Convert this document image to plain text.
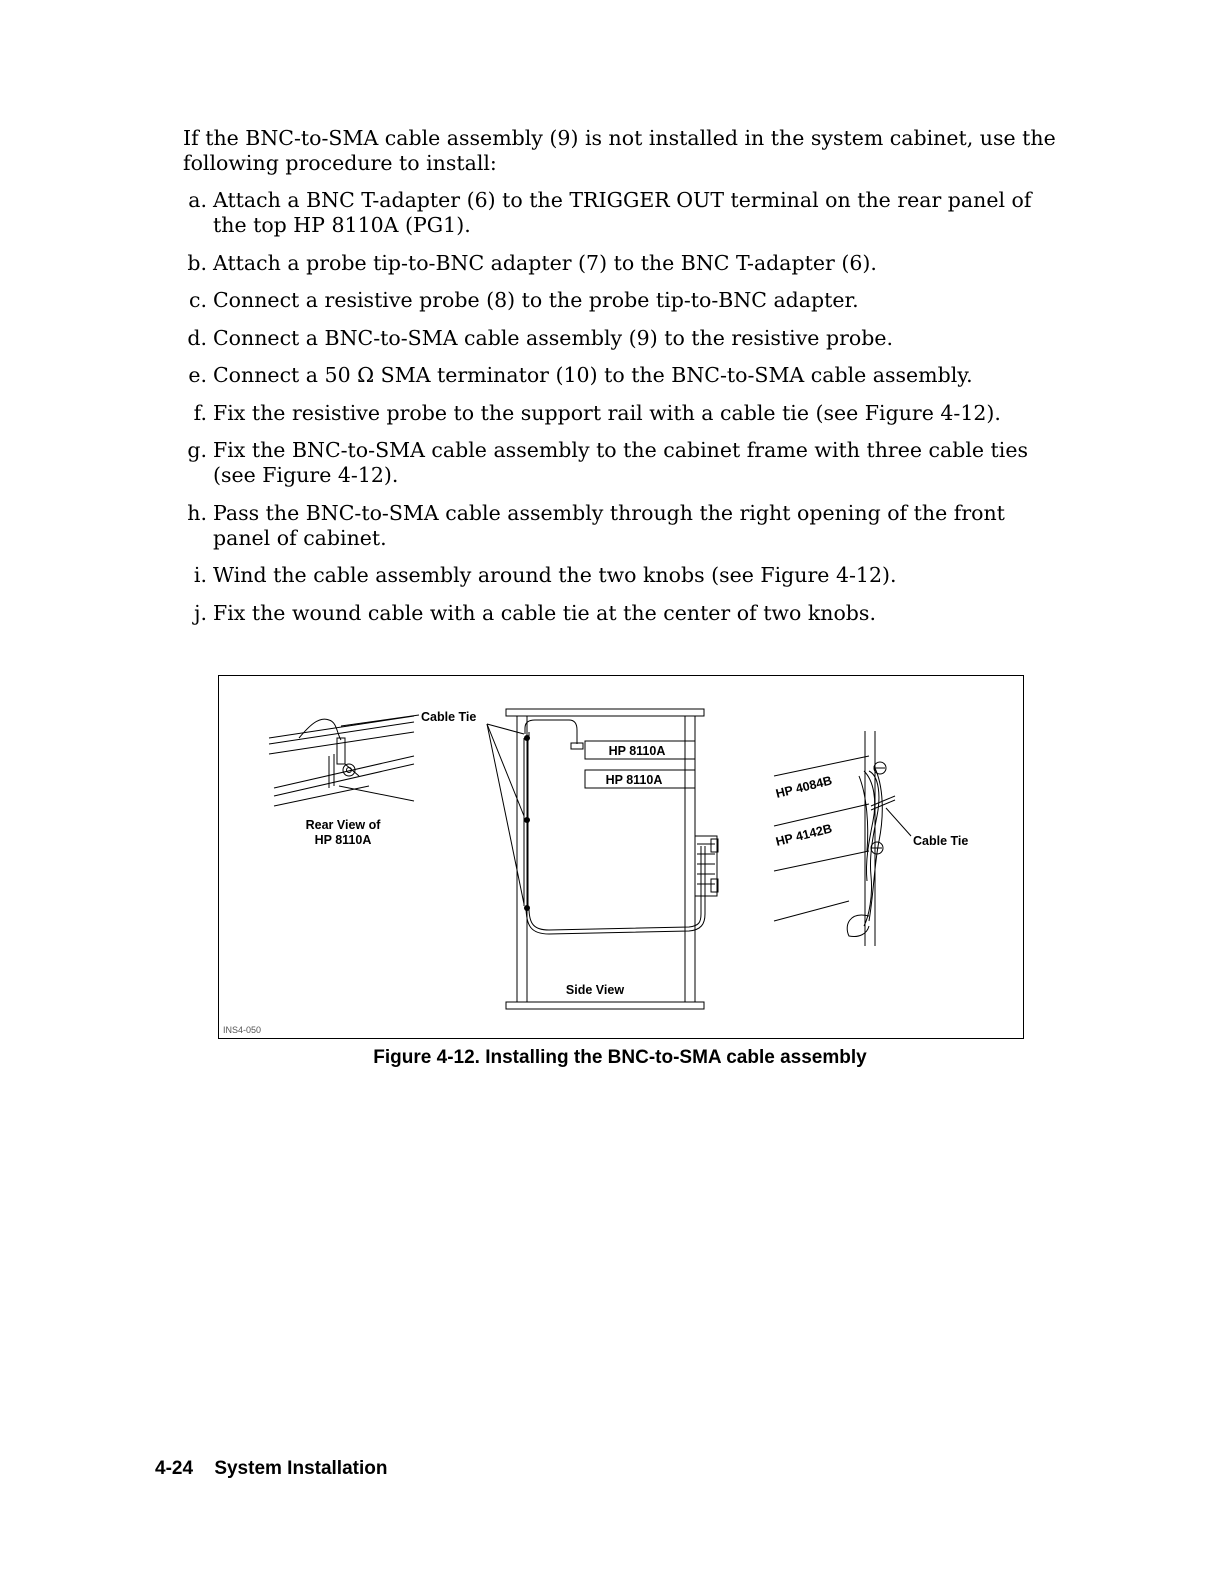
If the BNC-to-SMA cable assembly (9) is not installed in the system cabinet, use the following procedure to install:
a. Attach a BNC T-adapter (6) to the TRIGGER OUT terminal on the rear panel of the top HP 8110A (PG1).
b. Attach a probe tip-to-BNC adapter (7) to the BNC T-adapter (6).
c. Connect a resistive probe (8) to the probe tip-to-BNC adapter.
d. Connect a BNC-to-SMA cable assembly (9) to the resistive probe.
e. Connect a 50 Ω SMA terminator (10) to the BNC-to-SMA cable assembly.
f. Fix the resistive probe to the support rail with a cable tie (see Figure 4-12).
g. Fix the BNC-to-SMA cable assembly to the cabinet frame with three cable ties (see Figure 4-12).
h. Pass the BNC-to-SMA cable assembly through the right opening of the front panel of cabinet.
i. Wind the cable assembly around the two knobs (see Figure 4-12).
j. Fix the wound cable with a cable tie at the center of two knobs.
Cable Tie
Rear View of
HP 8110A
HP 8110A
HP 8110A
Side View
HP 4084B
HP 4142B	Cable Tie
INS4-050
Figure 4-12. Installing the BNC-to-SMA cable assembly
4-24 System Installation
